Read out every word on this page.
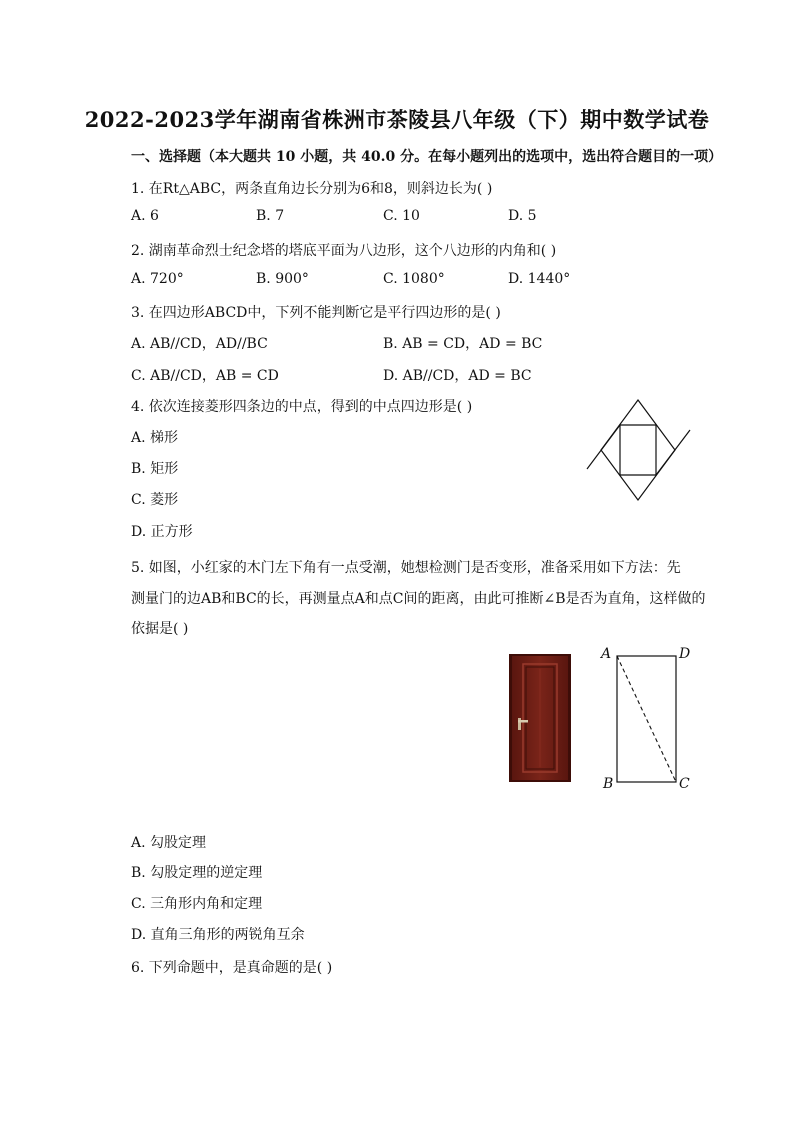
2022-2023学年湖南省株洲市茶陵县八年级（下）期中数学试卷
一、选择题（本大题共 10 小题，共 40.0 分。在每小题列出的选项中，选出符合题目的一项）
1. 在Rt△ABC，两条直角边长分别为6和8，则斜边长为( )
A. 6	B. 7	C. 10	D. 5
2. 湖南革命烈士纪念塔的塔底平面为八边形，这个八边形的内角和( )
A. 720°	B. 900°	C. 1080°	D. 1440°
3. 在四边形ABCD中，下列不能判断它是平行四边形的是( )
A. AB//CD，AD//BC	B. AB = CD，AD = BC
C. AB//CD，AB = CD	D. AB//CD，AD = BC
4. 依次连接菱形四条边的中点，得到的中点四边形是( )
A. 梯形
B. 矩形
C. 菱形
D. 正方形
5. 如图，小红家的木门左下角有一点受潮，她想检测门是否变形，准备采用如下方法：先
测量门的边AB和BC的长，再测量点A和点C间的距离，由此可推断∠B是否为直角，这样做的
依据是( )
A	D
B	C
A. 勾股定理
B. 勾股定理的逆定理
C. 三角形内角和定理
D. 直角三角形的两锐角互余
6. 下列命题中，是真命题的是( )
